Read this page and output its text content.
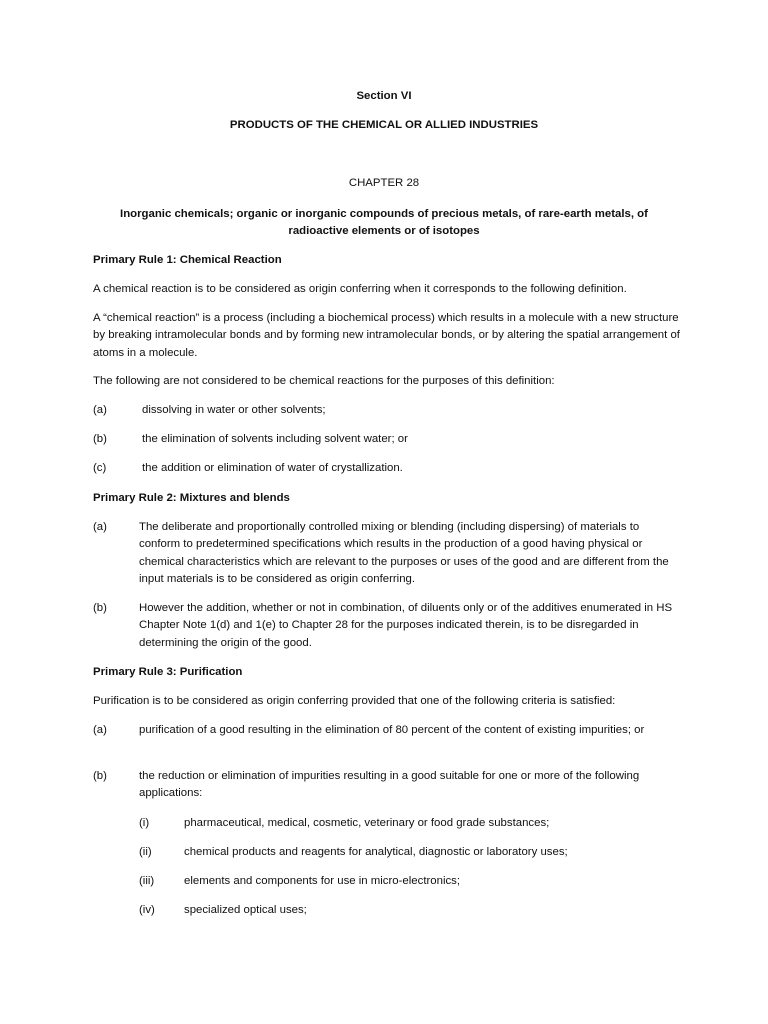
Section VI
PRODUCTS OF THE CHEMICAL OR ALLIED INDUSTRIES
CHAPTER 28
Inorganic chemicals; organic or inorganic compounds of precious metals, of rare-earth metals, of radioactive elements or of isotopes
Primary Rule 1: Chemical Reaction
A chemical reaction is to be considered as origin conferring when it corresponds to the following definition.
A “chemical reaction” is a process (including a biochemical process) which results in a molecule with a new structure by breaking intramolecular bonds and by forming new intramolecular bonds, or by altering the spatial arrangement of atoms in a molecule.
The following are not considered to be chemical reactions for the purposes of this definition:
(a)	dissolving in water or other solvents;
(b)	the elimination of solvents including solvent water; or
(c)	the addition or elimination of water of crystallization.
Primary Rule 2: Mixtures and blends
(a)	The deliberate and proportionally controlled mixing or blending (including dispersing) of materials to conform to predetermined specifications which results in the production of a good having physical or chemical characteristics which are relevant to the purposes or uses of the good and are different from the input materials is to be considered as origin conferring.
(b)	However the addition, whether or not in combination, of diluents only or of the additives enumerated in HS Chapter Note 1(d) and 1(e) to Chapter 28 for the purposes indicated therein, is to be disregarded in determining the origin of the good.
Primary Rule 3: Purification
Purification is to be considered as origin conferring provided that one of the following criteria is satisfied:
(a)	purification of a good resulting in the elimination of 80 percent of the content of existing impurities; or
(b)	the reduction or elimination of impurities resulting in a good suitable for one or more of the following applications:
(i)	pharmaceutical, medical, cosmetic, veterinary or food grade substances;
(ii)	chemical products and reagents for analytical, diagnostic or laboratory uses;
(iii)	elements and components for use in micro-electronics;
(iv)	specialized optical uses;
